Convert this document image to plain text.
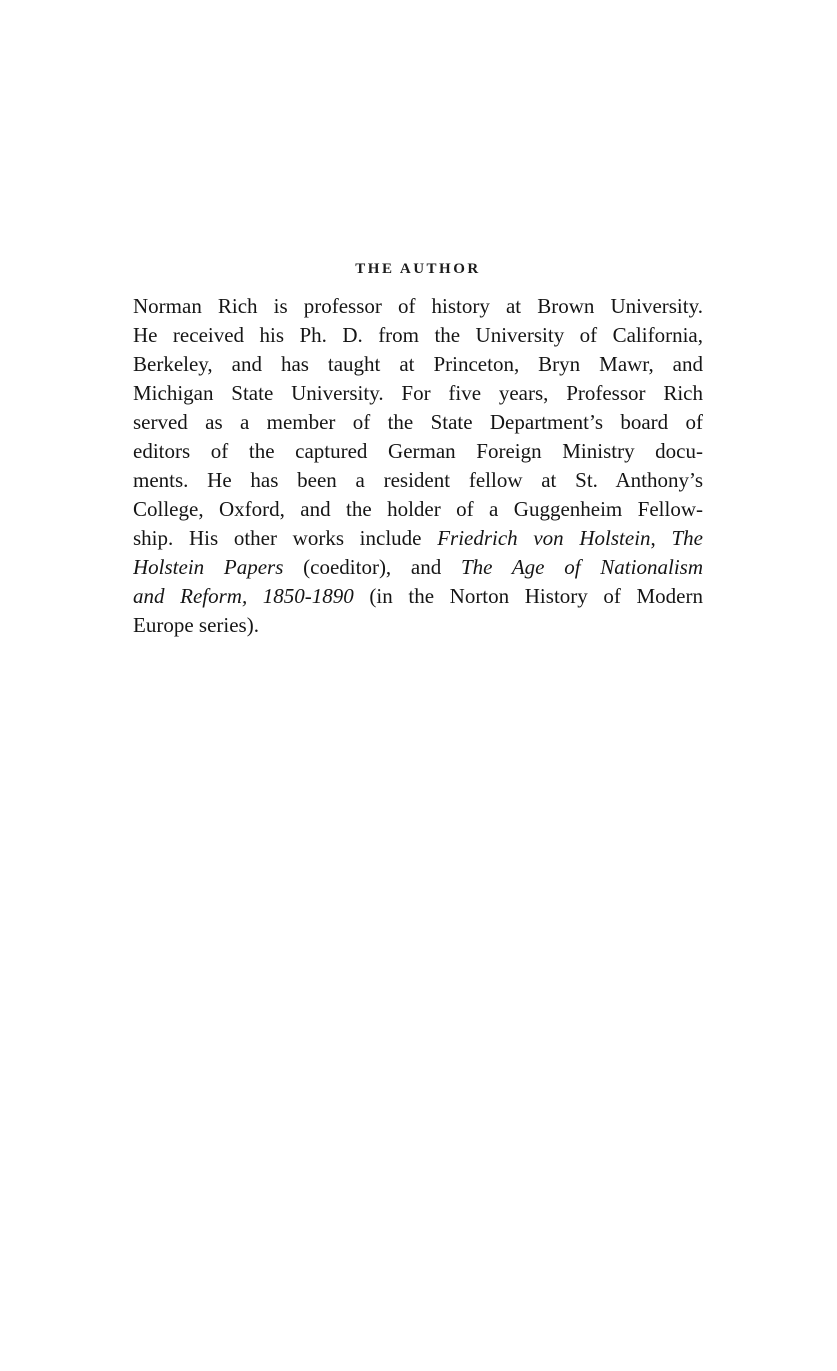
THE AUTHOR
Norman Rich is professor of history at Brown University.
He received his Ph. D. from the University of California,
Berkeley, and has taught at Princeton, Bryn Mawr, and
Michigan State University. For five years, Professor Rich
served as a member of the State Department’s board of
editors of the captured German Foreign Ministry docu-
ments. He has been a resident fellow at St. Anthony’s
College, Oxford, and the holder of a Guggenheim Fellow-
ship. His other works include Friedrich von Holstein, The
Holstein Papers (coeditor), and The Age of Nationalism
and Reform, 1850-1890 (in the Norton History of Modern
Europe series).
